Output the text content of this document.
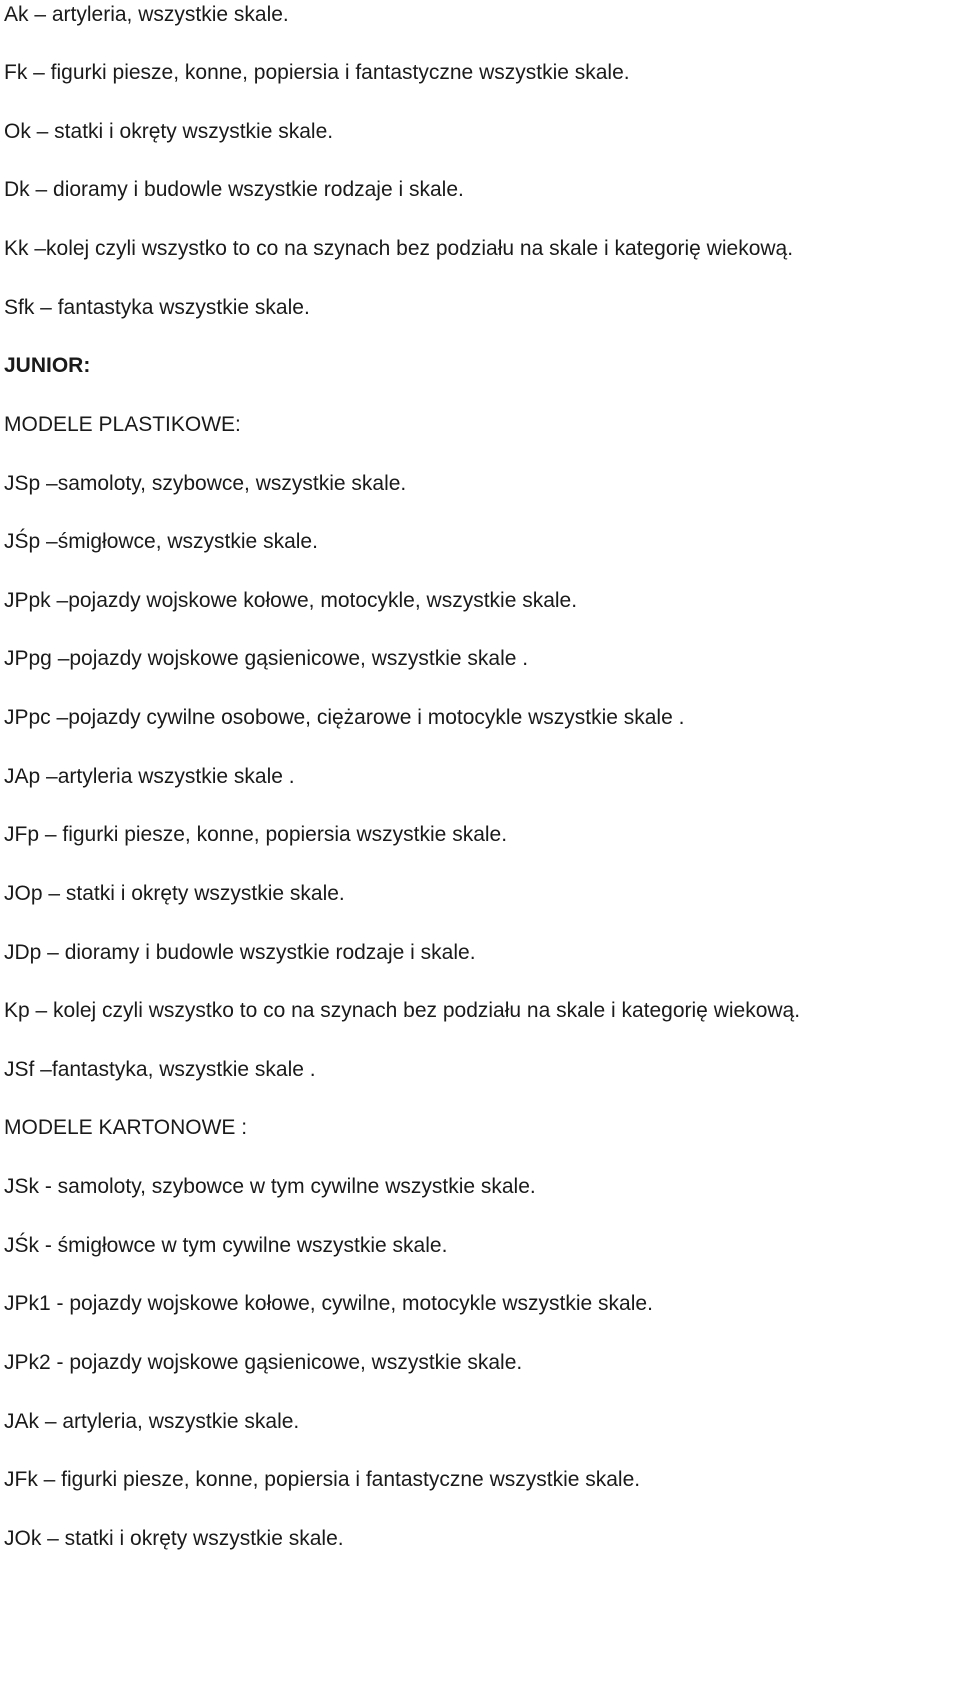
Ak – artyleria, wszystkie skale.

Fk – figurki piesze, konne, popiersia i fantastyczne wszystkie skale.

Ok – statki i okręty wszystkie skale.

Dk – dioramy i budowle wszystkie rodzaje i skale.

Kk –kolej czyli wszystko to co na szynach bez podziału na skale i kategorię wiekową.

Sfk – fantastyka wszystkie skale.

JUNIOR:

MODELE PLASTIKOWE:

JSp –samoloty, szybowce, wszystkie skale.

JŚp –śmigłowce, wszystkie skale.

JPpk –pojazdy wojskowe kołowe, motocykle, wszystkie skale.

JPpg –pojazdy wojskowe gąsienicowe, wszystkie skale .

JPpc –pojazdy cywilne osobowe, ciężarowe i motocykle wszystkie skale .

JAp –artyleria wszystkie skale .

JFp – figurki piesze, konne, popiersia wszystkie skale.

JOp – statki i okręty wszystkie skale.

JDp – dioramy i budowle wszystkie rodzaje i skale.

Kp – kolej czyli wszystko to co na szynach bez podziału na skale i kategorię wiekową.

JSf –fantastyka, wszystkie skale .

MODELE KARTONOWE :

JSk - samoloty, szybowce w tym cywilne wszystkie skale.

JŚk - śmigłowce w tym cywilne wszystkie skale.

JPk1 - pojazdy wojskowe kołowe, cywilne, motocykle wszystkie skale.

JPk2 - pojazdy wojskowe gąsienicowe, wszystkie skale.

JAk – artyleria, wszystkie skale.

JFk – figurki piesze, konne, popiersia i fantastyczne wszystkie skale.

JOk – statki i okręty wszystkie skale.
